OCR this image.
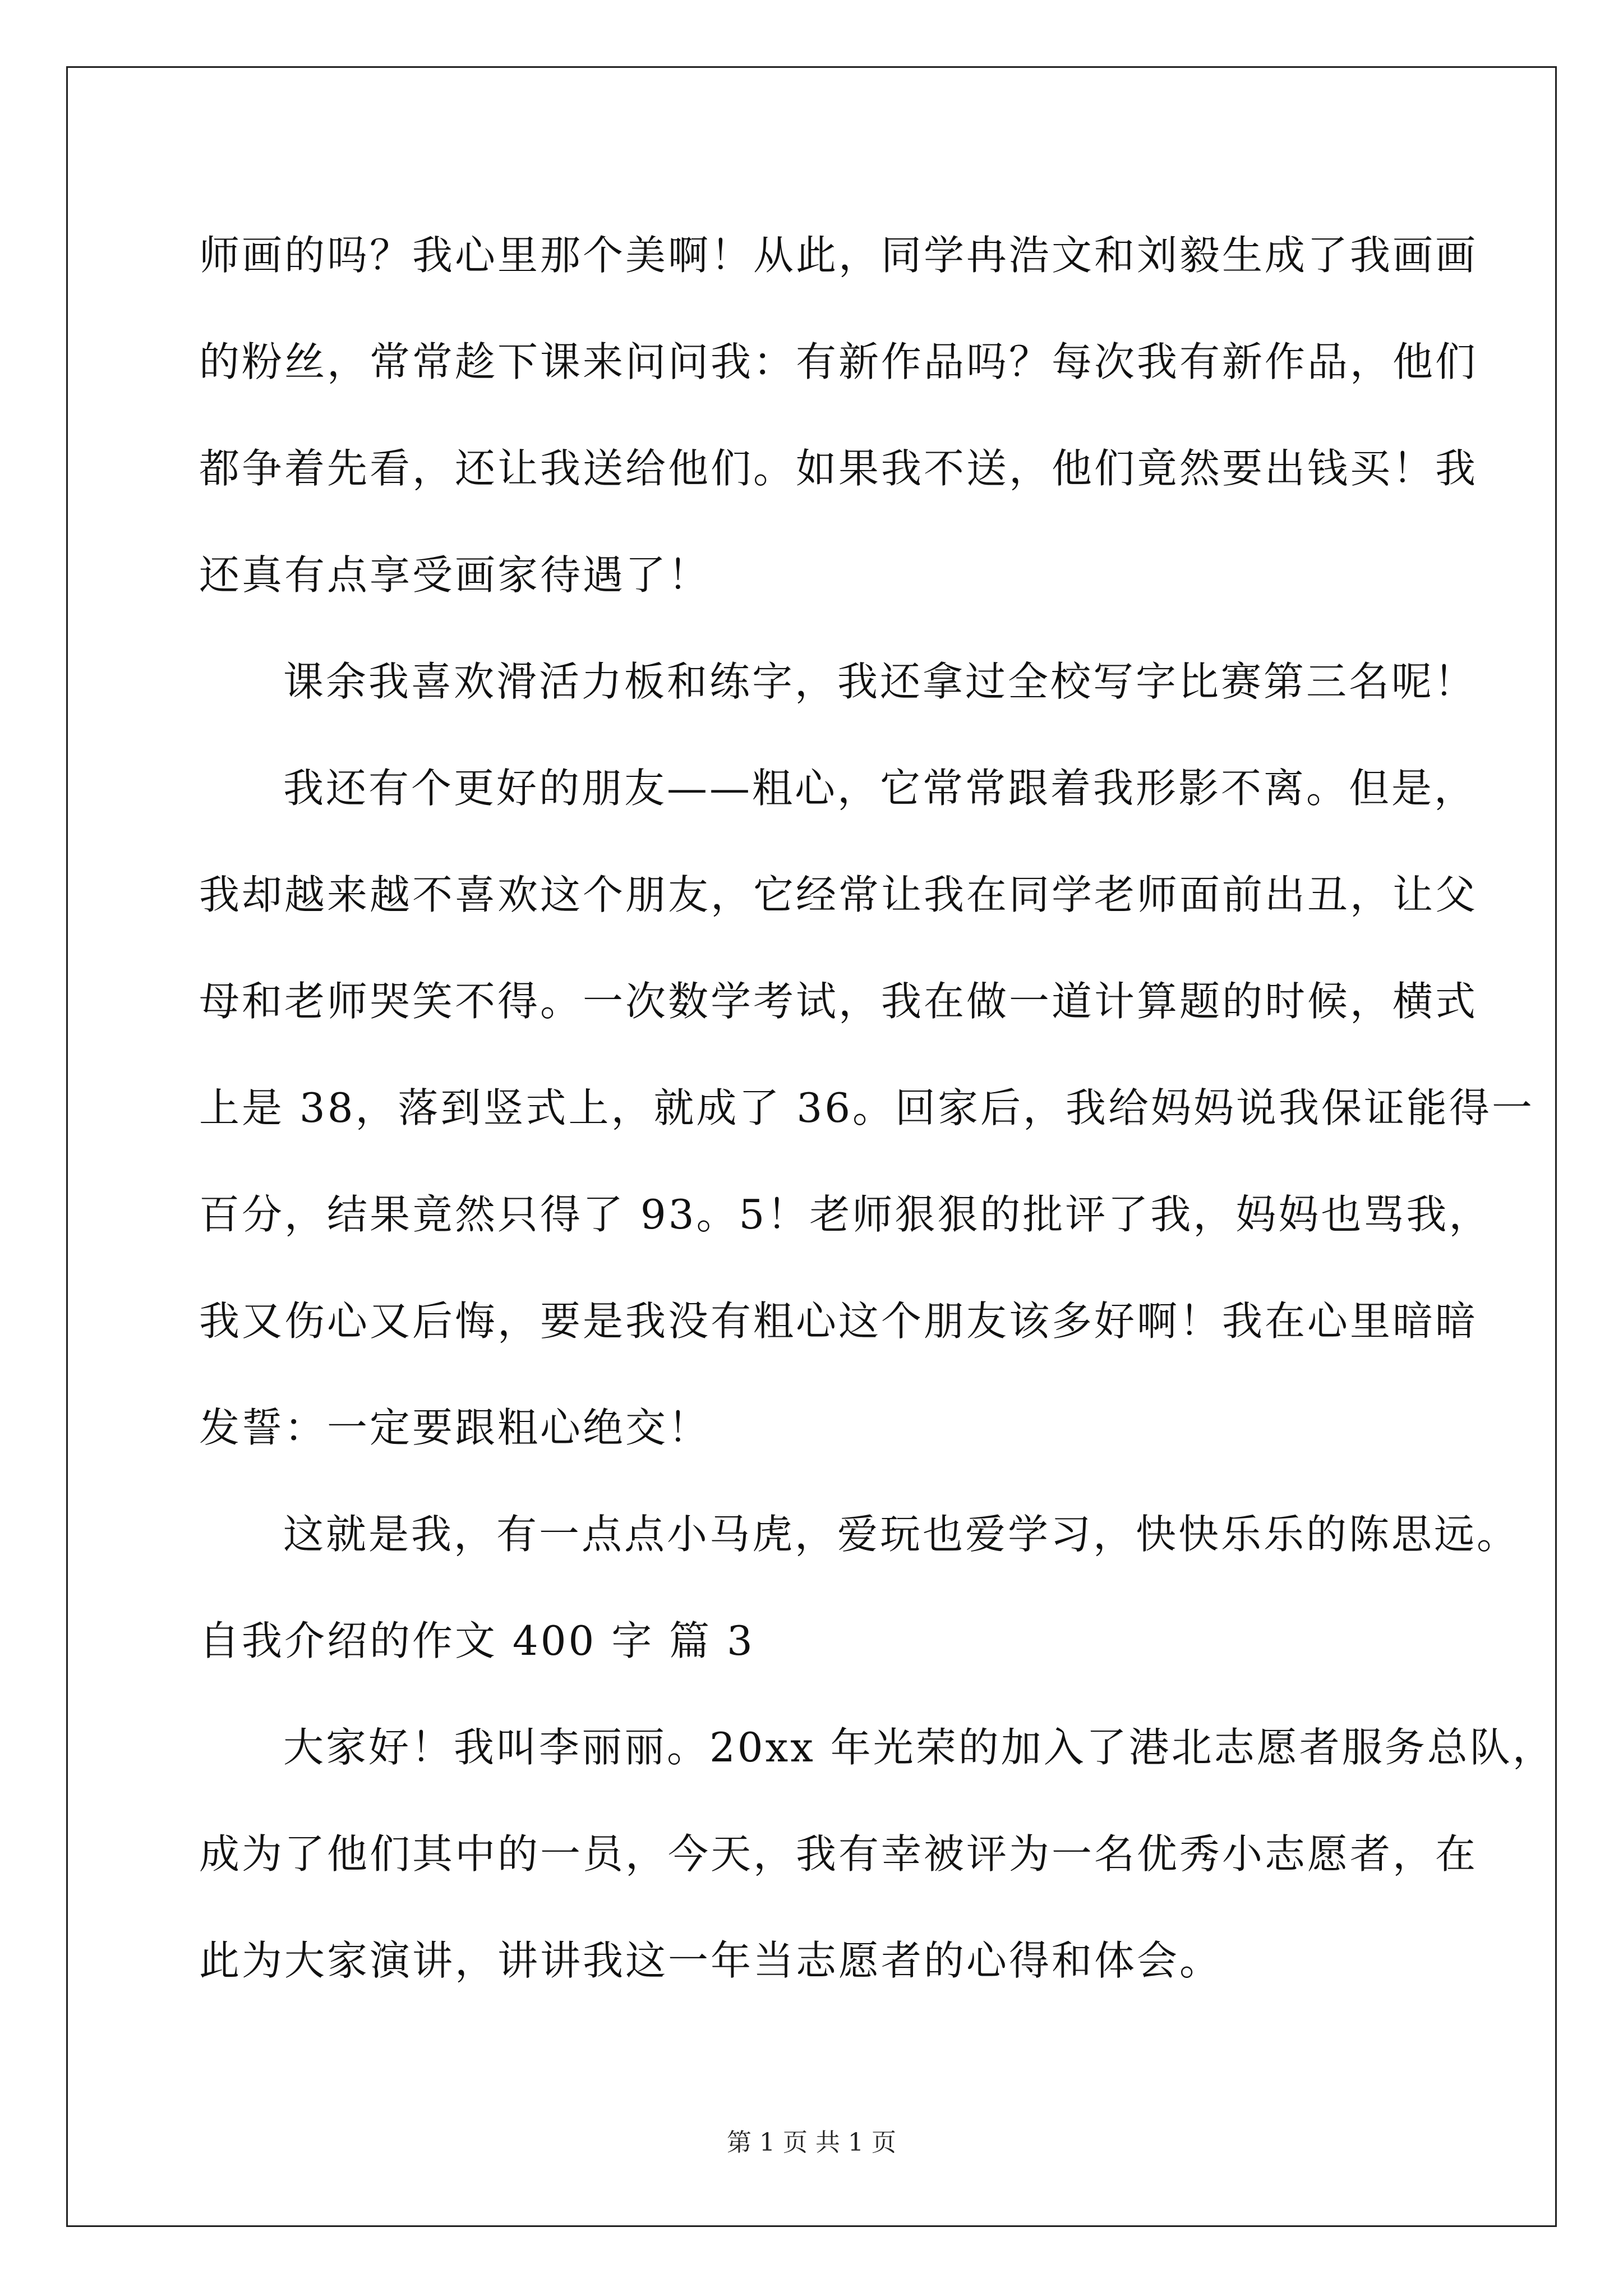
师画的吗？我心里那个美啊！从此，同学冉浩文和刘毅生成了我画画
的粉丝，常常趁下课来问问我：有新作品吗？每次我有新作品，他们
都争着先看，还让我送给他们。如果我不送，他们竟然要出钱买！我
还真有点享受画家待遇了！
课余我喜欢滑活力板和练字，我还拿过全校写字比赛第三名呢！
我还有个更好的朋友——粗心，它常常跟着我形影不离。但是，
我却越来越不喜欢这个朋友，它经常让我在同学老师面前出丑，让父
母和老师哭笑不得。一次数学考试，我在做一道计算题的时候，横式
上是 38，落到竖式上，就成了 36。回家后，我给妈妈说我保证能得一
百分，结果竟然只得了 93。5！老师狠狠的批评了我，妈妈也骂我，
我又伤心又后悔，要是我没有粗心这个朋友该多好啊！我在心里暗暗
发誓：一定要跟粗心绝交！
这就是我，有一点点小马虎，爱玩也爱学习，快快乐乐的陈思远。
自我介绍的作文 400 字 篇 3
大家好！我叫李丽丽。20xx 年光荣的加入了港北志愿者服务总队，
成为了他们其中的一员，今天，我有幸被评为一名优秀小志愿者，在
此为大家演讲，讲讲我这一年当志愿者的心得和体会。
第 1 页 共 1 页
